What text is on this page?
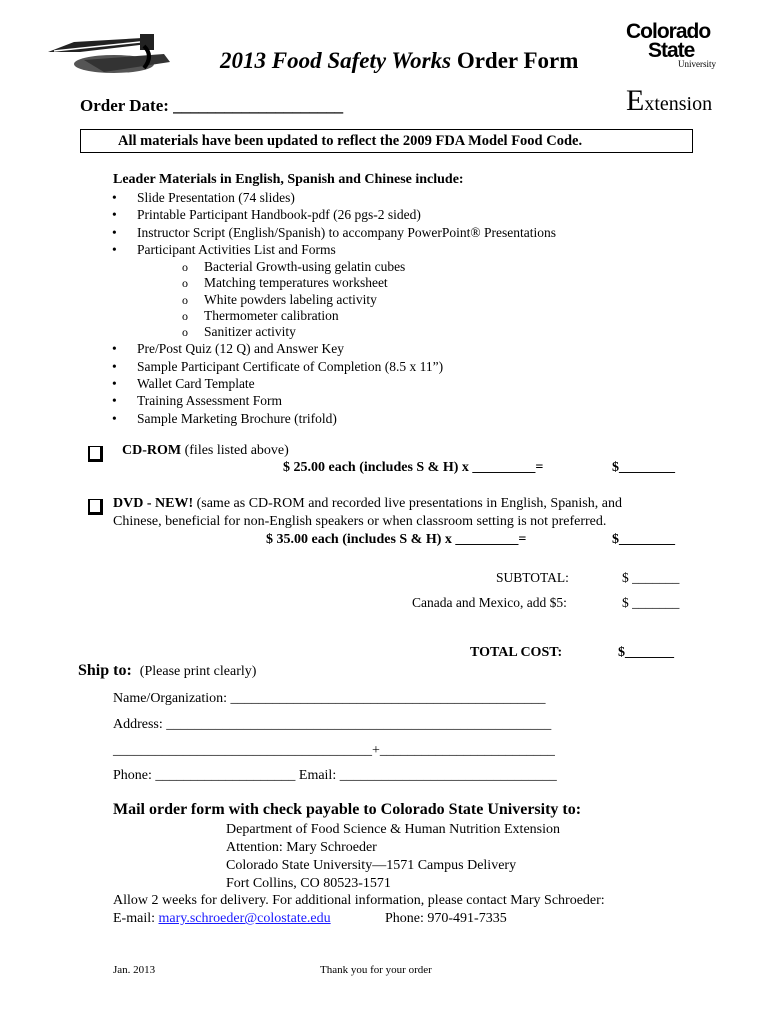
2013 Food Safety Works Order Form
Colorado
State
University
Extension
Order Date: ____________________
All materials have been updated to reflect the 2009 FDA Model Food Code.
Leader Materials in English, Spanish and Chinese include:
• Slide Presentation (74 slides)
• Printable Participant Handbook-pdf (26 pgs-2 sided)
• Instructor Script (English/Spanish) to accompany PowerPoint® Presentations
• Participant Activities List and Forms
o Bacterial Growth-using gelatin cubes
o Matching temperatures worksheet
o White powders labeling activity
o Thermometer calibration
o Sanitizer activity
• Pre/Post Quiz (12 Q) and Answer Key
• Sample Participant Certificate of Completion (8.5 x 11”)
• Wallet Card Template
• Training Assessment Form
• Sample Marketing Brochure (trifold)
CD-ROM (files listed above)
$ 25.00 each (includes S & H) x _________=	$________
DVD - NEW! (same as CD-ROM and recorded live presentations in English, Spanish, and
Chinese, beneficial for non-English speakers or when classroom setting is not preferred.
$ 35.00 each (includes S & H) x _________=	$________
SUBTOTAL:	$ _______
Canada and Mexico, add $5:	$ _______
TOTAL COST:	$_______
Ship to: (Please print clearly)
Name/Organization: _____________________________________________
Address: _______________________________________________________
_____________________________________+_________________________
Phone: ____________________ Email: _______________________________
Mail order form with check payable to Colorado State University to:
Department of Food Science & Human Nutrition Extension
Attention: Mary Schroeder
Colorado State University—1571 Campus Delivery
Fort Collins, CO 80523-1571
Allow 2 weeks for delivery. For additional information, please contact Mary Schroeder:
E-mail: mary.schroeder@colostate.edu	Phone: 970-491-7335
Jan. 2013	Thank you for your order
